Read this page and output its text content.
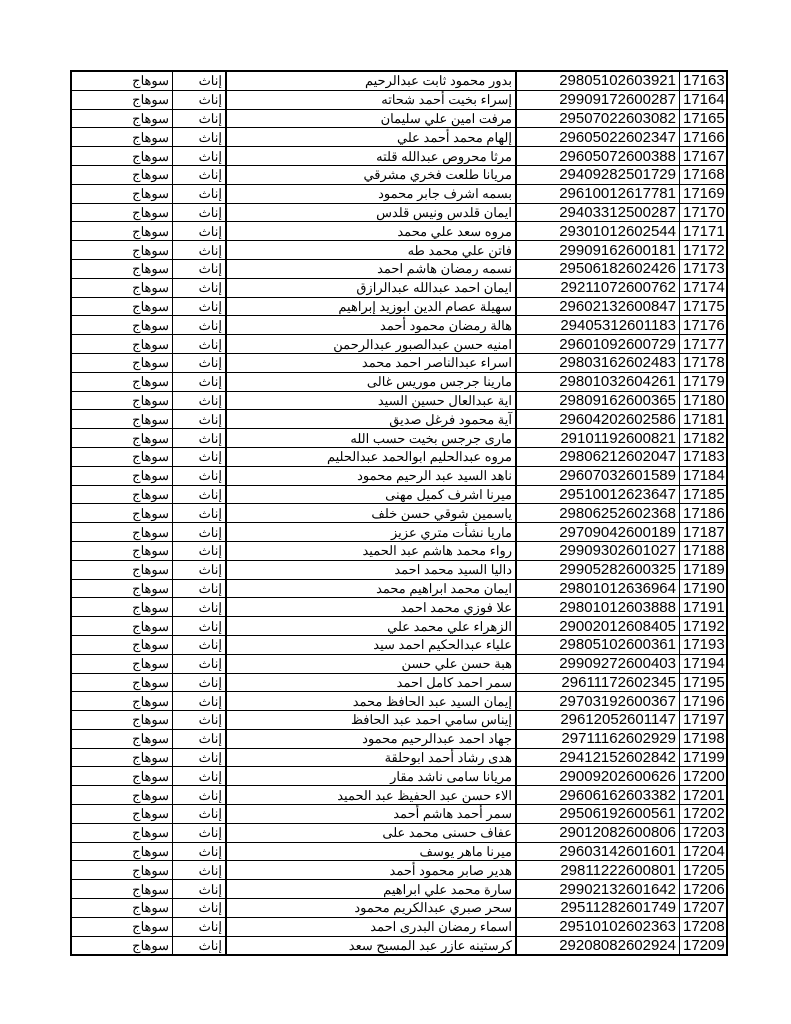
سوهاج	إناث	بدور محمود ثابت عبدالرحيم	29805102603921	17163
سوهاج	إناث	إسراء بخيت أحمد شحاته	29909172600287	17164
سوهاج	إناث	مرفت امين علي سليمان	29507022603082	17165
سوهاج	إناث	إلهام محمد أحمد علي	29605022602347	17166
سوهاج	إناث	مرثا محروص عبدالله قلته	29605072600388	17167
سوهاج	إناث	مريانا طلعت فخري مشرقي	29409282501729	17168
سوهاج	إناث	بسمه اشرف جابر محمود	29610012617781	17169
سوهاج	إناث	ايمان قلدس ونيس قلدس	29403312500287	17170
سوهاج	إناث	مروه سعد علي محمد	29301012602544	17171
سوهاج	إناث	فاتن علي محمد طه	29909162600181	17172
سوهاج	إناث	نسمه رمضان هاشم احمد	29506182602426	17173
سوهاج	إناث	ايمان احمد عبدالله عبدالرازق	29211072600762	17174
سوهاج	إناث	سهيلة عصام الدين ابوزيد إبراهيم	29602132600847	17175
سوهاج	إناث	هالة رمضان محمود أحمد	29405312601183	17176
سوهاج	إناث	امنيه حسن عبدالصبور عبدالرحمن	29601092600729	17177
سوهاج	إناث	اسراء عبدالناصر احمد محمد	29803162602483	17178
سوهاج	إناث	مارينا جرجس موريس غالى	29801032604261	17179
سوهاج	إناث	اية عبدالعال حسين السيد	29809162600365	17180
سوهاج	إناث	آية محمود فرغل صديق	29604202602586	17181
سوهاج	إناث	مارى جرجس بخيت حسب الله	29101192600821	17182
سوهاج	إناث	مروه عبدالحليم ابوالحمد عبدالحليم	29806212602047	17183
سوهاج	إناث	ناهد السيد عبد الرحيم محمود	29607032601589	17184
سوهاج	إناث	ميرنا اشرف كميل مهنى	29510012623647	17185
سوهاج	إناث	ياسمين شوقي حسن خلف	29806252602368	17186
سوهاج	إناث	ماريا نشأت متري عزيز	29709042600189	17187
سوهاج	إناث	رواء محمد هاشم عبد الحميد	29909302601027	17188
سوهاج	إناث	داليا السيد محمد احمد	29905282600325	17189
سوهاج	إناث	ايمان محمد ابراهيم محمد	29801012636964	17190
سوهاج	إناث	علا فوزي محمد احمد	29801012603888	17191
سوهاج	إناث	الزهراء علي محمد علي	29002012608405	17192
سوهاج	إناث	علياء عبدالحكيم احمد سيد	29805102600361	17193
سوهاج	إناث	هبة حسن علي حسن	29909272600403	17194
سوهاج	إناث	سمر احمد كامل احمد	29611172602345	17195
سوهاج	إناث	إيمان السيد عبد الحافظ محمد	29703192600367	17196
سوهاج	إناث	إيناس سامي احمد عبد الحافظ	29612052601147	17197
سوهاج	إناث	جهاد احمد عبدالرحيم محمود	29711162602929	17198
سوهاج	إناث	هدى رشاد أحمد ابوحلقة	29412152602842	17199
سوهاج	إناث	مريانا سامى ناشد مقار	29009202600626	17200
سوهاج	إناث	الاء حسن عبد الحفيظ عبد الحميد	29606162603382	17201
سوهاج	إناث	سمر أحمد هاشم أحمد	29506192600561	17202
سوهاج	إناث	عفاف حسنى محمد على	29012082600806	17203
سوهاج	إناث	ميرنا ماهر يوسف	29603142601601	17204
سوهاج	إناث	هدير صابر محمود أحمد	29811222600801	17205
سوهاج	إناث	سارة محمد علي ابراهيم	29902132601642	17206
سوهاج	إناث	سحر صبري عبدالكريم محمود	29511282601749	17207
سوهاج	إناث	اسماء رمضان البدرى احمد	29510102602363	17208
سوهاج	إناث	كرستينه عازر عبد المسيح سعد	29208082602924	17209
